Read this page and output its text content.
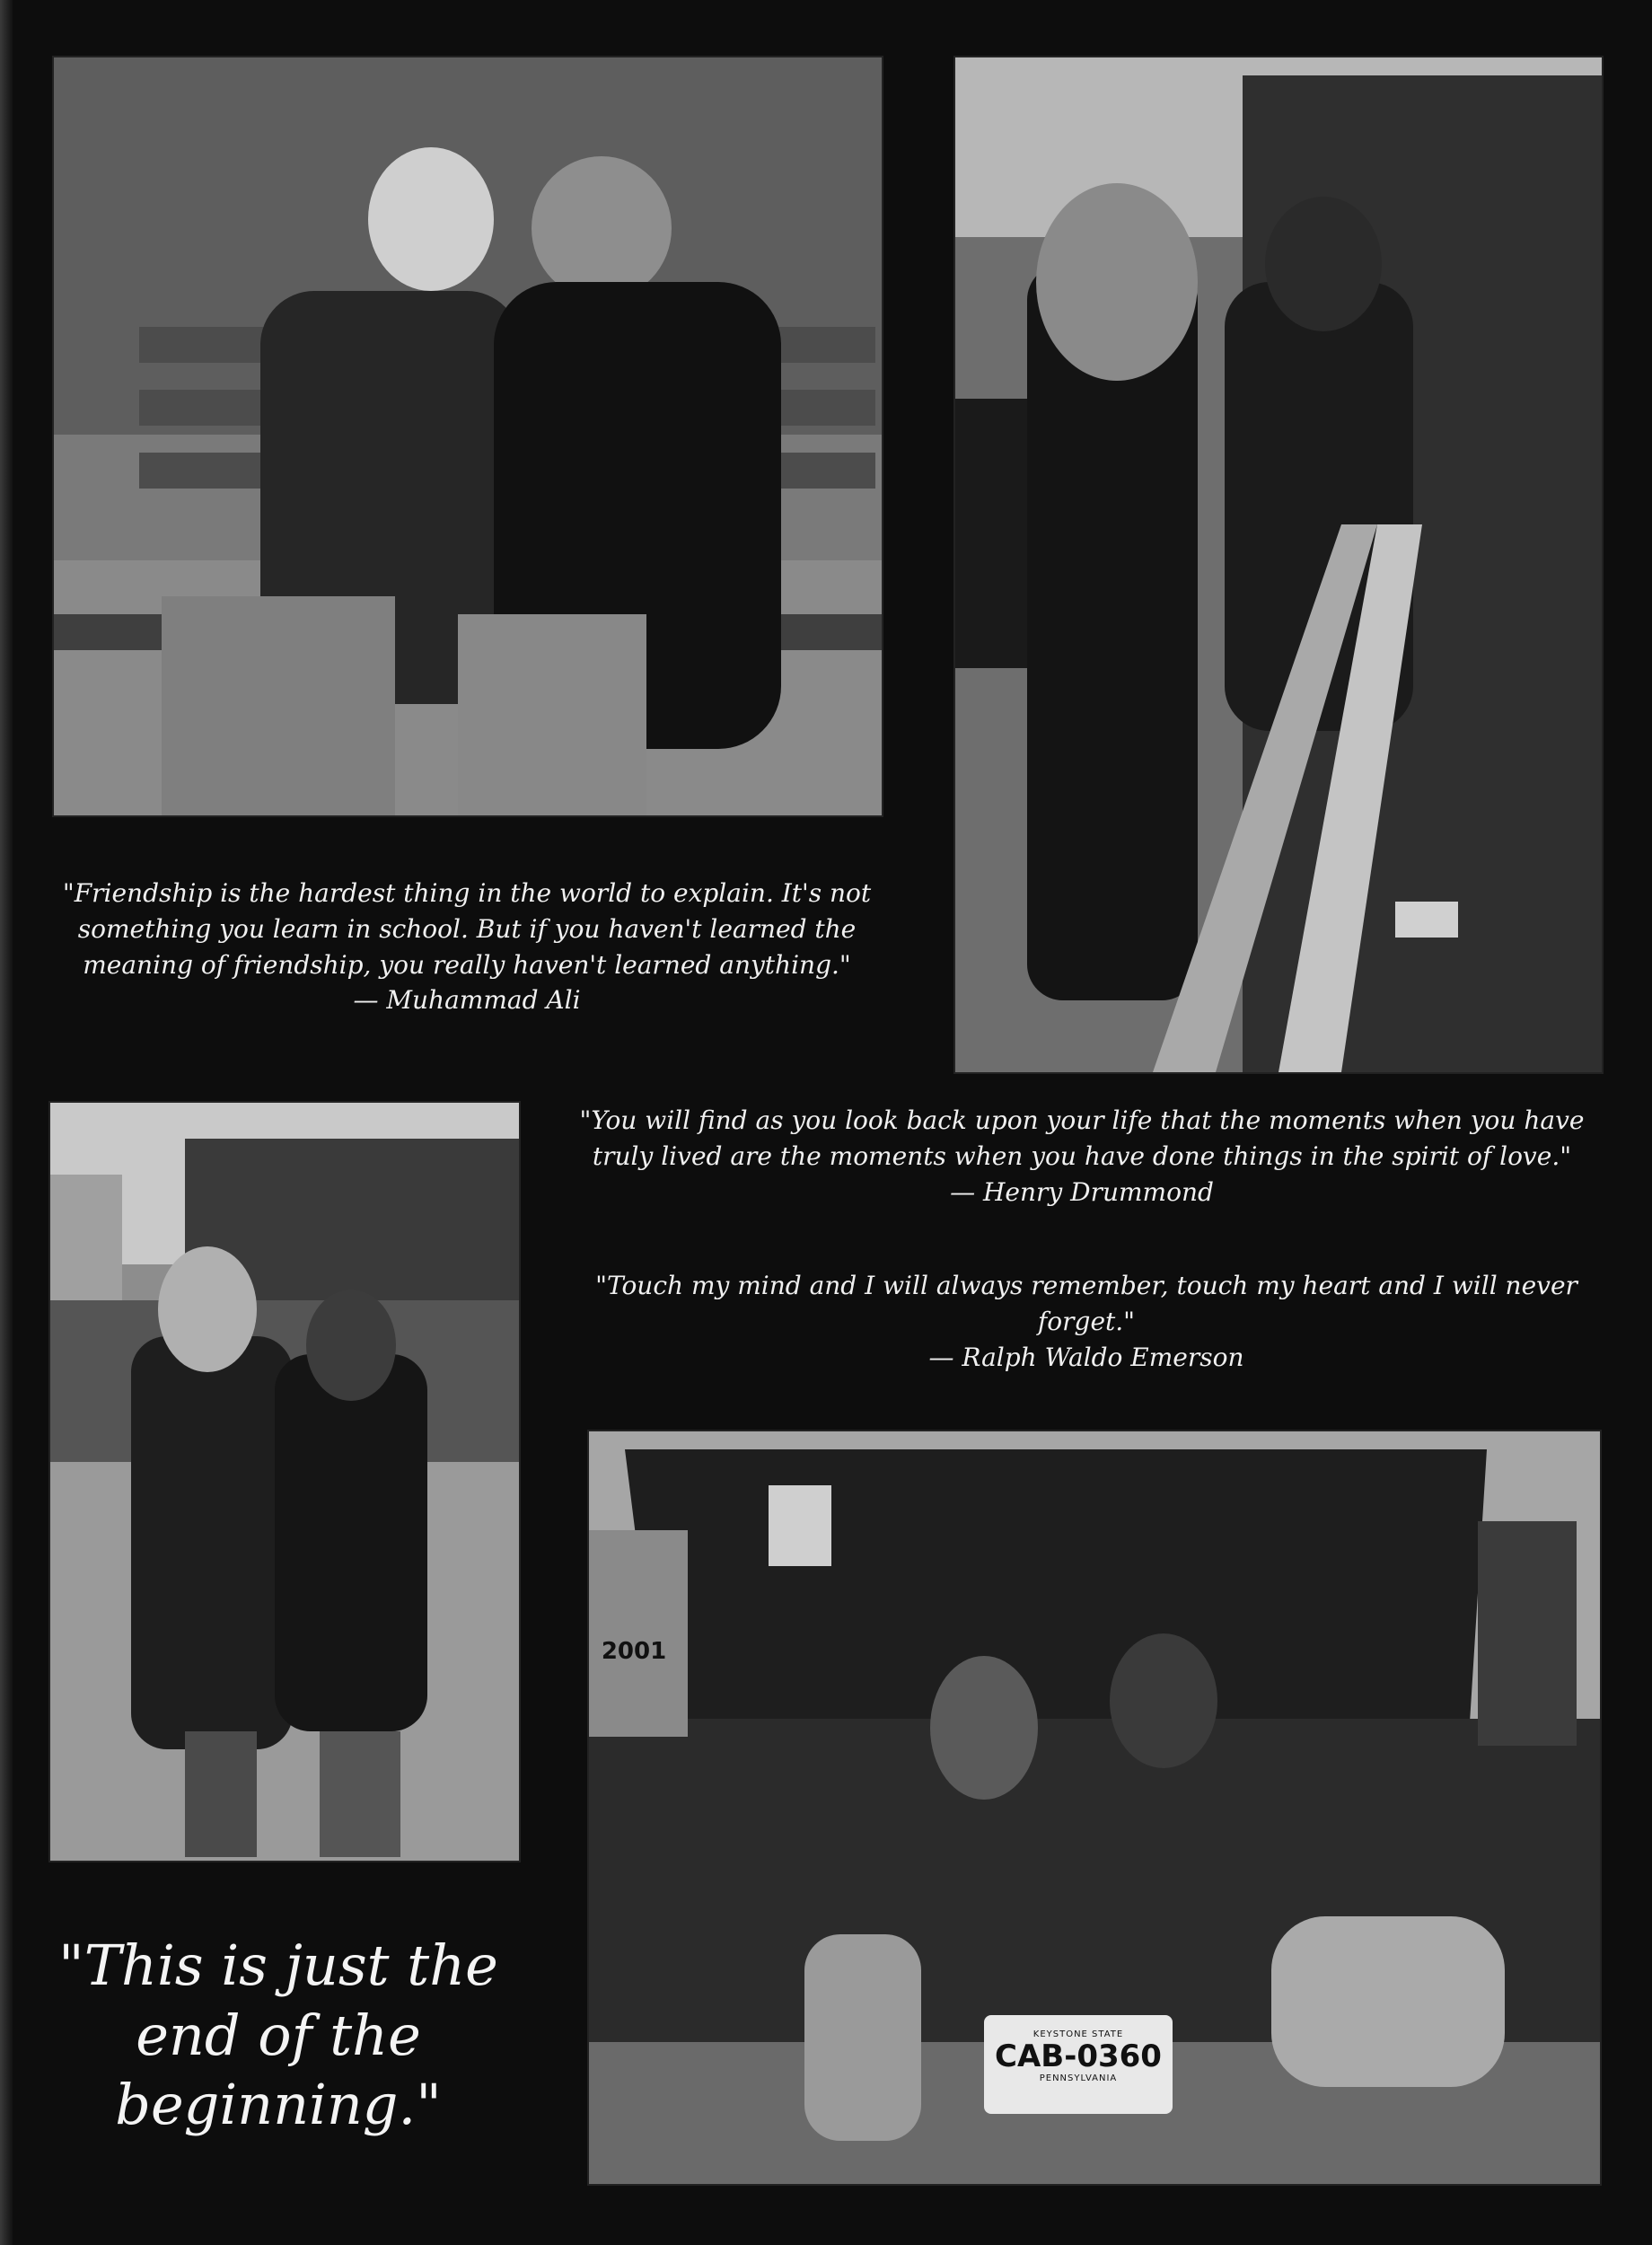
KEYSTONE STATE
CAB-0360
PENNSYLVANIA
2001

"Friendship is the hardest thing in the world to explain. It's not something you learn in school. But if you haven't learned the meaning of friendship, you really haven't learned anything."

— Muhammad Ali

"You will find as you look back upon your life that the moments when you have truly lived are the moments when you have done things in the spirit of love."

— Henry Drummond

"Touch my mind and I will always remember, touch my heart and I will never forget."

— Ralph Waldo Emerson
"This is just the end of the beginning."
